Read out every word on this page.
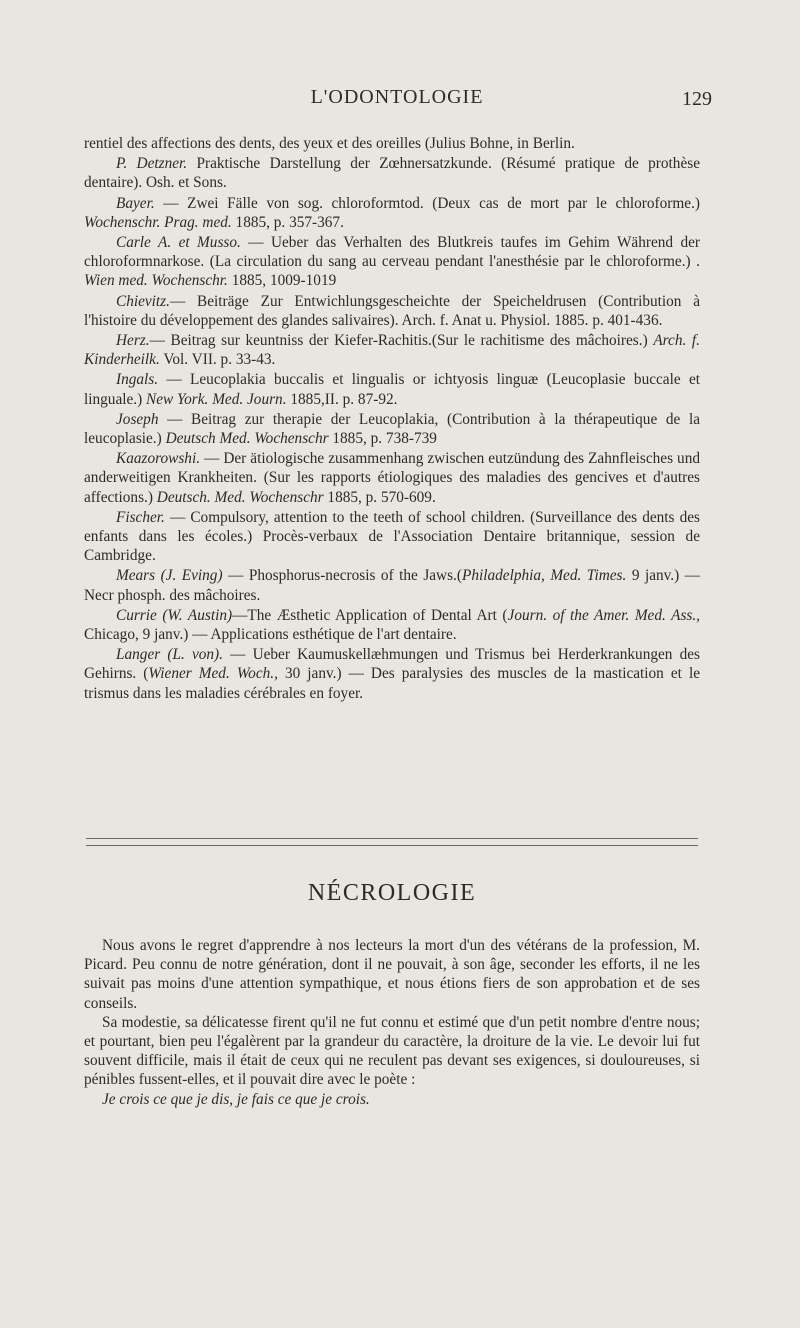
L'ODONTOLOGIE	129

rentiel des affections des dents, des yeux et des oreilles (Julius Bohne, in Berlin.

P. Detzner. Praktische Darstellung der Zœhnersatzkunde. (Résumé pratique de prothèse dentaire). Osh. et Sons.

Bayer. — Zwei Fälle von sog. chloroformtod. (Deux cas de mort par le chloroforme.) Wochenschr. Prag. med. 1885, p. 357-367.

Carle A. et Musso. — Ueber das Verhalten des Blutkreis taufes im Gehim Während der chloroformnarkose. (La circulation du sang au cerveau pendant l'anesthésie par le chloroforme.) . Wien med. Wochenschr. 1885, 1009-1019

Chievitz.— Beiträge Zur Entwichlungsgescheichte der Speicheldrusen (Contribution à l'histoire du développement des glandes salivaires). Arch. f. Anat u. Physiol. 1885. p. 401-436.

Herz.— Beitrag sur keuntniss der Kiefer-Rachitis.(Sur le rachitisme des mâchoires.) Arch. f. Kinderheilk. Vol. VII. p. 33-43.

Ingals. — Leucoplakia buccalis et lingualis or ichtyosis linguæ (Leucoplasie buccale et linguale.) New York. Med. Journ. 1885,II. p. 87-92.

Joseph — Beitrag zur therapie der Leucoplakia, (Contribution à la thérapeutique de la leucoplasie.) Deutsch Med. Wochenschr 1885, p. 738-739

Kaazorowshi. — Der ätiologische zusammenhang zwischen eutzündung des Zahnfleisches und anderweitigen Krankheiten. (Sur les rapports étiologiques des maladies des gencives et d'autres affections.) Deutsch. Med. Wochenschr 1885, p. 570-609.

Fischer. — Compulsory, attention to the teeth of school children. (Surveillance des dents des enfants dans les écoles.) Procès-verbaux de l'Association Dentaire britannique, session de Cambridge.

Mears (J. Eving) — Phosphorus-necrosis of the Jaws.(Philadelphia, Med. Times. 9 janv.) — Necr phosph. des mâchoires.

Currie (W. Austin)—The Æsthetic Application of Dental Art (Journ. of the Amer. Med. Ass., Chicago, 9 janv.) — Applications esthétique de l'art dentaire.

Langer (L. von). — Ueber Kaumuskellæhmungen und Trismus bei Herderkrankungen des Gehirns. (Wiener Med. Woch., 30 janv.) — Des paralysies des muscles de la mastication et le trismus dans les maladies cérébrales en foyer.

NÉCROLOGIE

Nous avons le regret d'apprendre à nos lecteurs la mort d'un des vétérans de la profession, M. Picard. Peu connu de notre génération, dont il ne pouvait, à son âge, seconder les efforts, il ne les suivait pas moins d'une attention sympathique, et nous étions fiers de son approbation et de ses conseils.

Sa modestie, sa délicatesse firent qu'il ne fut connu et estimé que d'un petit nombre d'entre nous; et pourtant, bien peu l'égalèrent par la grandeur du caractère, la droiture de la vie. Le devoir lui fut souvent difficile, mais il était de ceux qui ne reculent pas devant ses exigences, si douloureuses, si pénibles fussent-elles, et il pouvait dire avec le poète :

Je crois ce que je dis, je fais ce que je crois.
